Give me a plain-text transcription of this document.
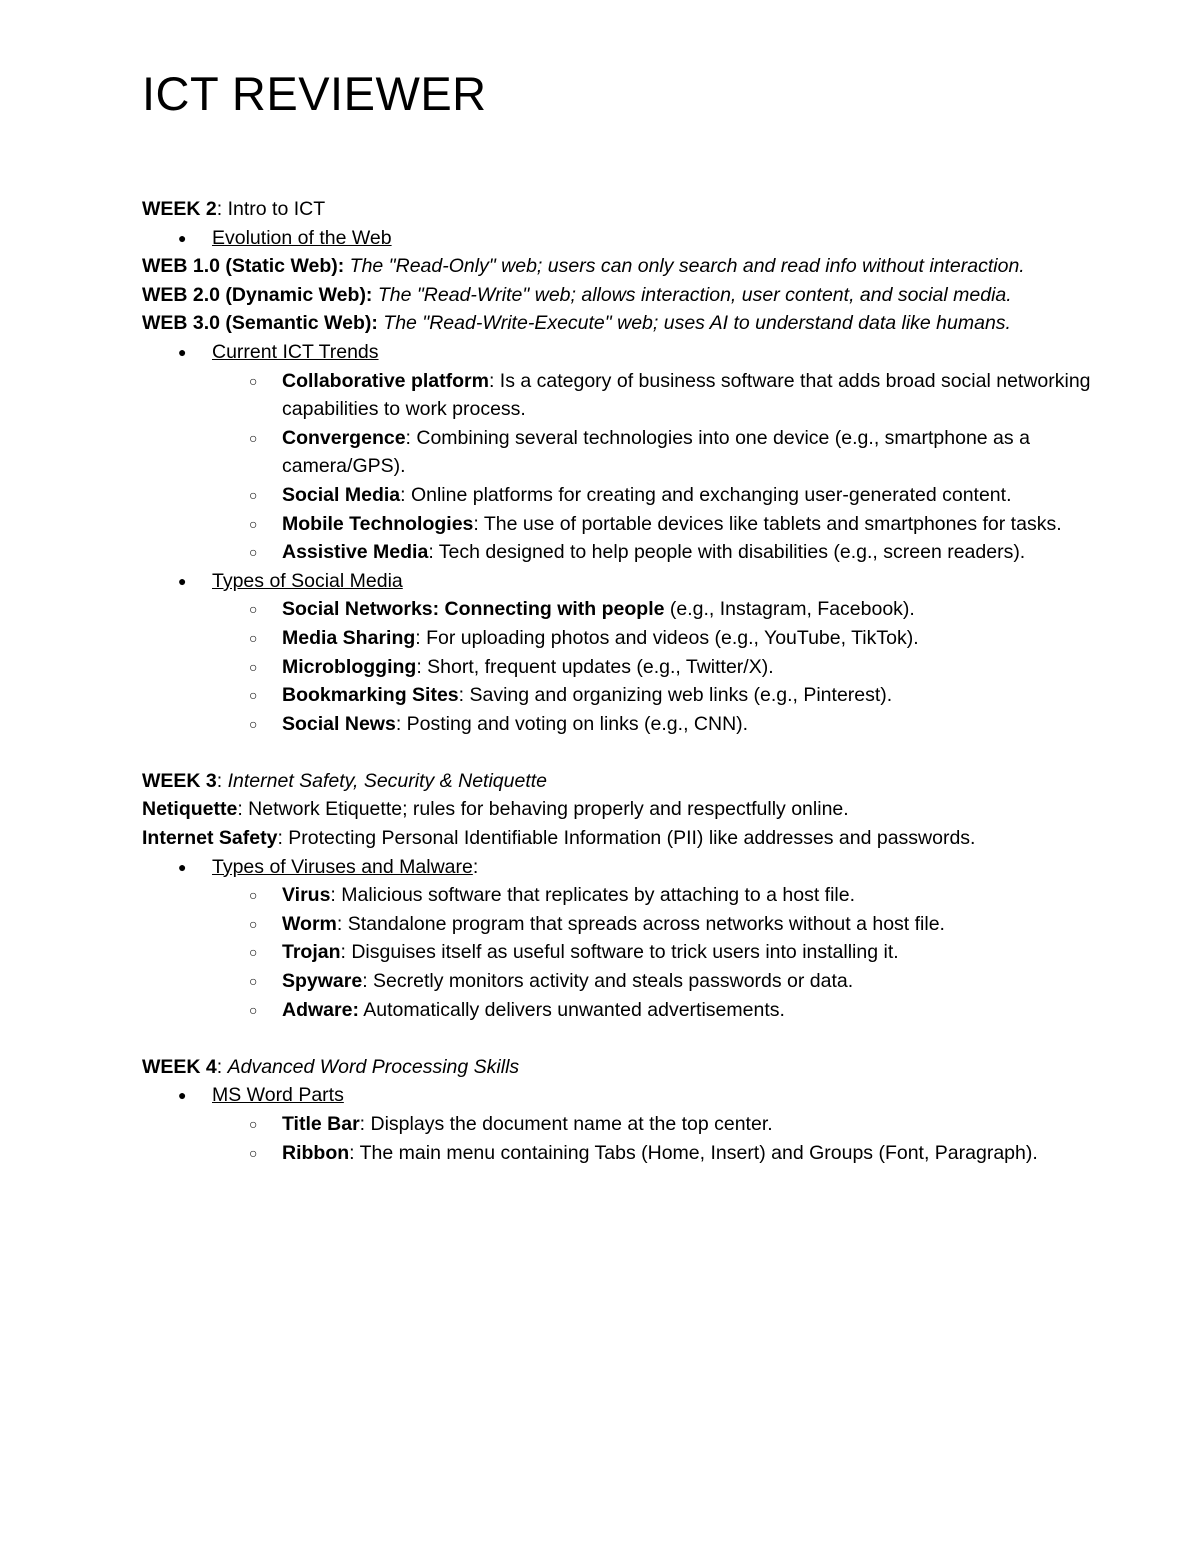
ICT REVIEWER

WEEK 2: Intro to ICT

● Evolution of the Web

WEB 1.0 (Static Web): The "Read-Only" web; users can only search and read info without interaction.

WEB 2.0 (Dynamic Web): The "Read-Write" web; allows interaction, user content, and social media.

WEB 3.0 (Semantic Web): The "Read-Write-Execute" web; uses AI to understand data like humans.

● Current ICT Trends
○ Collaborative platform: Is a category of business software that adds broad social networking capabilities to work process.
○ Convergence: Combining several technologies into one device (e.g., smartphone as a camera/GPS).
○ Social Media: Online platforms for creating and exchanging user-generated content.
○ Mobile Technologies: The use of portable devices like tablets and smartphones for tasks.
○ Assistive Media: Tech designed to help people with disabilities (e.g., screen readers).
● Types of Social Media
○ Social Networks: Connecting with people (e.g., Instagram, Facebook).
○ Media Sharing: For uploading photos and videos (e.g., YouTube, TikTok).
○ Microblogging: Short, frequent updates (e.g., Twitter/X).
○ Bookmarking Sites: Saving and organizing web links (e.g., Pinterest).
○ Social News: Posting and voting on links (e.g., CNN).

WEEK 3: Internet Safety, Security & Netiquette

Netiquette: Network Etiquette; rules for behaving properly and respectfully online.

Internet Safety: Protecting Personal Identifiable Information (PII) like addresses and passwords.

● Types of Viruses and Malware:
○ Virus: Malicious software that replicates by attaching to a host file.
○ Worm: Standalone program that spreads across networks without a host file.
○ Trojan: Disguises itself as useful software to trick users into installing it.
○ Spyware: Secretly monitors activity and steals passwords or data.
○ Adware: Automatically delivers unwanted advertisements.

WEEK 4: Advanced Word Processing Skills

● MS Word Parts
○ Title Bar: Displays the document name at the top center.
○ Ribbon: The main menu containing Tabs (Home, Insert) and Groups (Font, Paragraph).
